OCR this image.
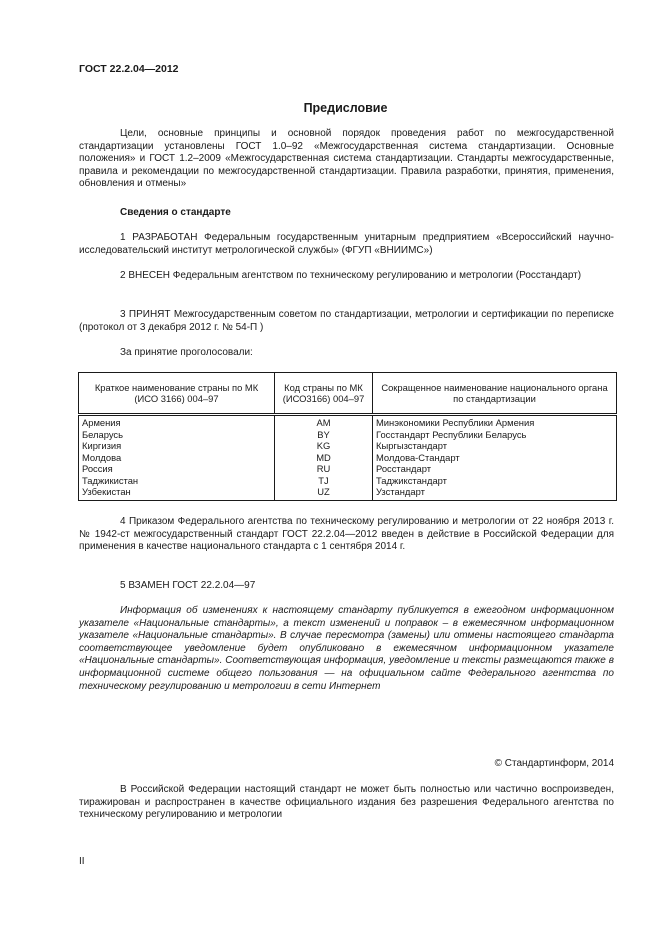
ГОСТ 22.2.04—2012
Предисловие
Цели, основные принципы и основной порядок проведения работ по межгосударственной стандартизации установлены ГОСТ 1.0–92 «Межгосударственная система стандартизации. Основные положения» и ГОСТ 1.2–2009 «Межгосударственная система стандартизации. Стандарты межгосударственные, правила и рекомендации по межгосударственной стандартизации. Правила разработки, принятия, применения, обновления и отмены»
Сведения о стандарте
1 РАЗРАБОТАН Федеральным государственным унитарным предприятием «Всероссийский научно-исследовательский институт метрологической службы» (ФГУП «ВНИИМС»)
2 ВНЕСЕН Федеральным агентством по техническому регулированию и метрологии (Росстандарт)
3 ПРИНЯТ Межгосударственным советом по стандартизации, метрологии и сертификации по переписке (протокол от 3 декабря 2012 г. № 54-П )
За принятие проголосовали:
Краткое наименование страны по МК (ИСО 3166) 004–97	Код страны по МК (ИСО3166) 004–97	Сокращенное наименование национального органа по стандартизации
Армения	AM	Минэкономики Республики Армения
Беларусь	BY	Госстандарт Республики Беларусь
Киргизия	KG	Кыргызстандарт
Молдова	MD	Молдова-Стандарт
Россия	RU	Росстандарт
Таджикистан	TJ	Таджикстандарт
Узбекистан	UZ	Узстандарт
4 Приказом Федерального агентства по техническому регулированию и метрологии от 22 ноября 2013 г. № 1942-ст межгосударственный стандарт ГОСТ 22.2.04—2012 введен в действие в Российской Федерации для применения в качестве национального стандарта с 1 сентября 2014 г.
5 ВЗАМЕН ГОСТ 22.2.04—97
Информация об изменениях к настоящему стандарту публикуется в ежегодном информационном указателе «Национальные стандарты», а текст изменений и поправок – в ежемесячном информационном указателе «Национальные стандарты». В случае пересмотра (замены) или отмены настоящего стандарта соответствующее уведомление будет опубликовано в ежемесячном информационном указателе «Национальные стандарты». Соответствующая информация, уведомление и тексты размещаются также в информационной системе общего пользования — на официальном сайте Федерального агентства по техническому регулированию и метрологии в сети Интернет
© Стандартинформ, 2014
В Российской Федерации настоящий стандарт не может быть полностью или частично воспроизведен, тиражирован и распространен в качестве официального издания без разрешения Федерального агентства по техническому регулированию и метрологии
II
